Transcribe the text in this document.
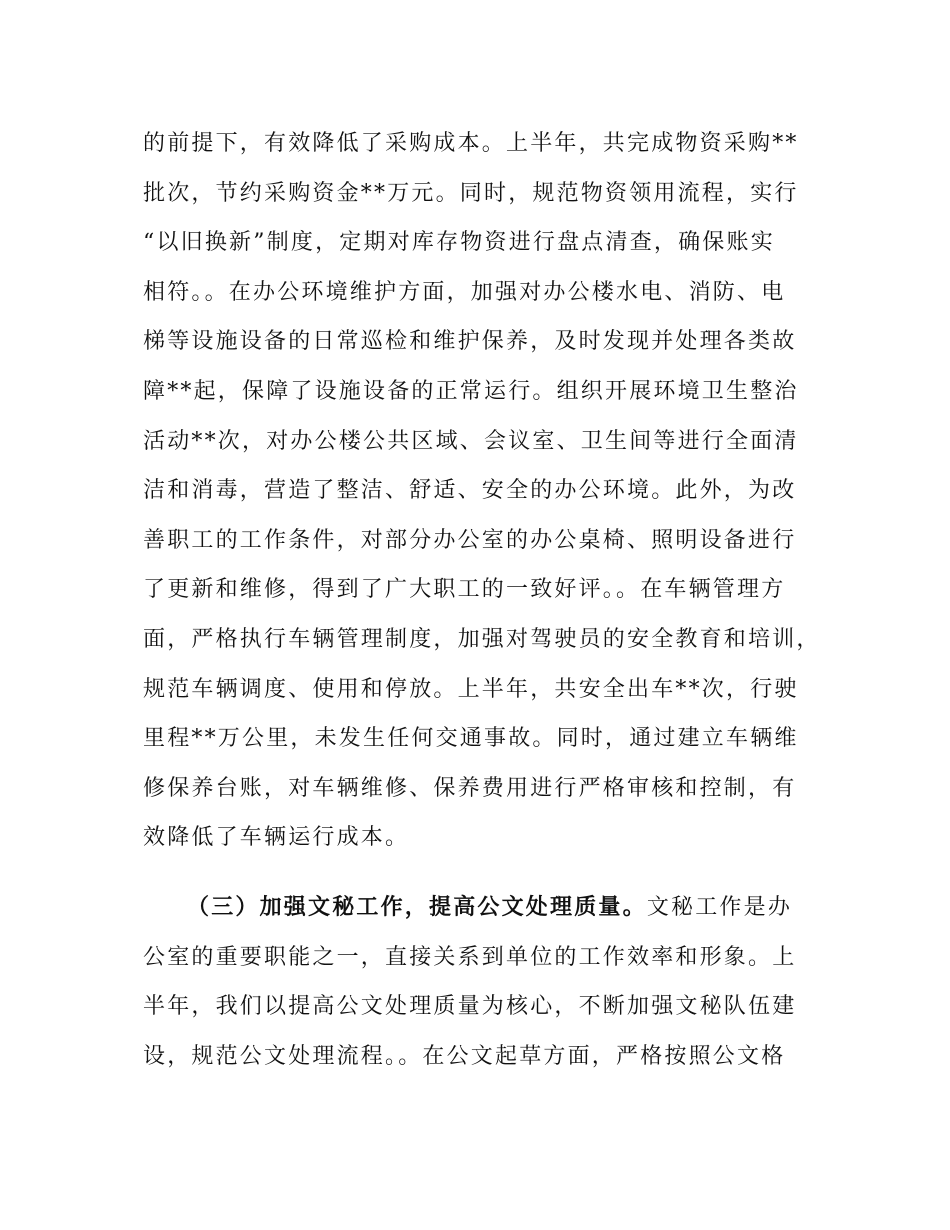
的前提下，有效降低了采购成本。上半年，共完成物资采购**
批次，节约采购资金**万元。同时，规范物资领用流程，实行
“以旧换新”制度，定期对库存物资进行盘点清查，确保账实
相符。。在办公环境维护方面，加强对办公楼水电、消防、电
梯等设施设备的日常巡检和维护保养，及时发现并处理各类故
障**起，保障了设施设备的正常运行。组织开展环境卫生整治
活动**次，对办公楼公共区域、会议室、卫生间等进行全面清
洁和消毒，营造了整洁、舒适、安全的办公环境。此外，为改
善职工的工作条件，对部分办公室的办公桌椅、照明设备进行
了更新和维修，得到了广大职工的一致好评。。在车辆管理方
面，严格执行车辆管理制度，加强对驾驶员的安全教育和培训，
规范车辆调度、使用和停放。上半年，共安全出车**次，行驶
里程**万公里，未发生任何交通事故。同时，通过建立车辆维
修保养台账，对车辆维修、保养费用进行严格审核和控制，有
效降低了车辆运行成本。
（三）加强文秘工作，提高公文处理质量。文秘工作是办
公室的重要职能之一，直接关系到单位的工作效率和形象。上
半年，我们以提高公文处理质量为核心，不断加强文秘队伍建
设，规范公文处理流程。。在公文起草方面，严格按照公文格
